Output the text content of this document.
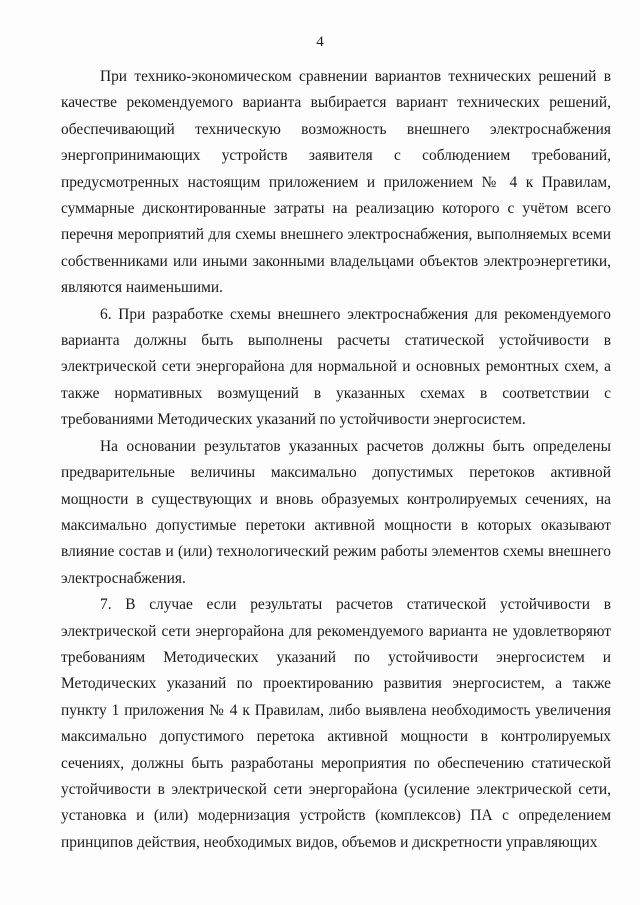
4

При технико-экономическом сравнении вариантов технических решений в качестве рекомендуемого варианта выбирается вариант технических решений, обеспечивающий техническую возможность внешнего электроснабжения энергопринимающих устройств заявителя с соблюдением требований, предусмотренных настоящим приложением и приложением № 4 к Правилам, суммарные дисконтированные затраты на реализацию которого с учётом всего перечня мероприятий для схемы внешнего электроснабжения, выполняемых всеми собственниками или иными законными владельцами объектов электроэнергетики, являются наименьшими.

6. При разработке схемы внешнего электроснабжения для рекомендуемого варианта должны быть выполнены расчеты статической устойчивости в электрической сети энергорайона для нормальной и основных ремонтных схем, а также нормативных возмущений в указанных схемах в соответствии с требованиями Методических указаний по устойчивости энергосистем.

На основании результатов указанных расчетов должны быть определены предварительные величины максимально допустимых перетоков активной мощности в существующих и вновь образуемых контролируемых сечениях, на максимально допустимые перетоки активной мощности в которых оказывают влияние состав и (или) технологический режим работы элементов схемы внешнего электроснабжения.

7. В случае если результаты расчетов статической устойчивости в электрической сети энергорайона для рекомендуемого варианта не удовлетворяют требованиям Методических указаний по устойчивости энергосистем и Методических указаний по проектированию развития энергосистем, а также пункту 1 приложения № 4 к Правилам, либо выявлена необходимость увеличения максимально допустимого перетока активной мощности в контролируемых сечениях, должны быть разработаны мероприятия по обеспечению статической устойчивости в электрической сети энергорайона (усиление электрической сети, установка и (или) модернизация устройств (комплексов) ПА с определением принципов действия, необходимых видов, объемов и дискретности управляющих
